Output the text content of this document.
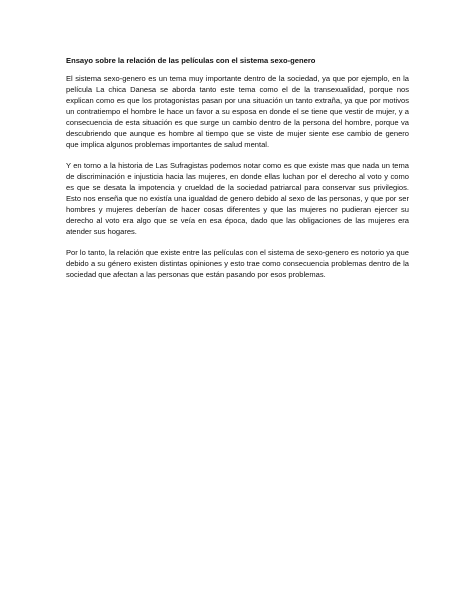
Ensayo sobre la relación de las películas con el sistema sexo-genero

El sistema sexo-genero es un tema muy importante dentro de la sociedad, ya que por ejemplo, en la película La chica Danesa se aborda tanto este tema como el de la transexualidad, porque nos explican como es que los protagonistas pasan por una situación un tanto extraña, ya que por motivos un contratiempo el hombre le hace un favor a su esposa en donde el se tiene que vestir de mujer, y a consecuencia de esta situación es que surge un cambio dentro de la persona del hombre, porque va descubriendo que aunque es hombre al tiempo que se viste de mujer siente ese cambio de genero que implica algunos problemas importantes de salud mental.

Y en torno a la historia de Las Sufragistas podemos notar como es que existe mas que nada un tema de discriminación e injusticia hacia las mujeres, en donde ellas luchan por el derecho al voto y como es que se desata la impotencia y crueldad de la sociedad patriarcal para conservar sus privilegios. Esto nos enseña que no existía una igualdad de genero debido al sexo de las personas, y que por ser hombres y mujeres deberían de hacer cosas diferentes y que las mujeres no pudieran ejercer su derecho al voto era algo que se veía en esa época, dado que las obligaciones de las mujeres era atender sus hogares.

Por lo tanto, la relación que existe entre las películas con el sistema de sexo-genero es notorio ya que debido a su género existen distintas opiniones y esto trae como consecuencia problemas dentro de la sociedad que afectan a las personas que están pasando por esos problemas.
